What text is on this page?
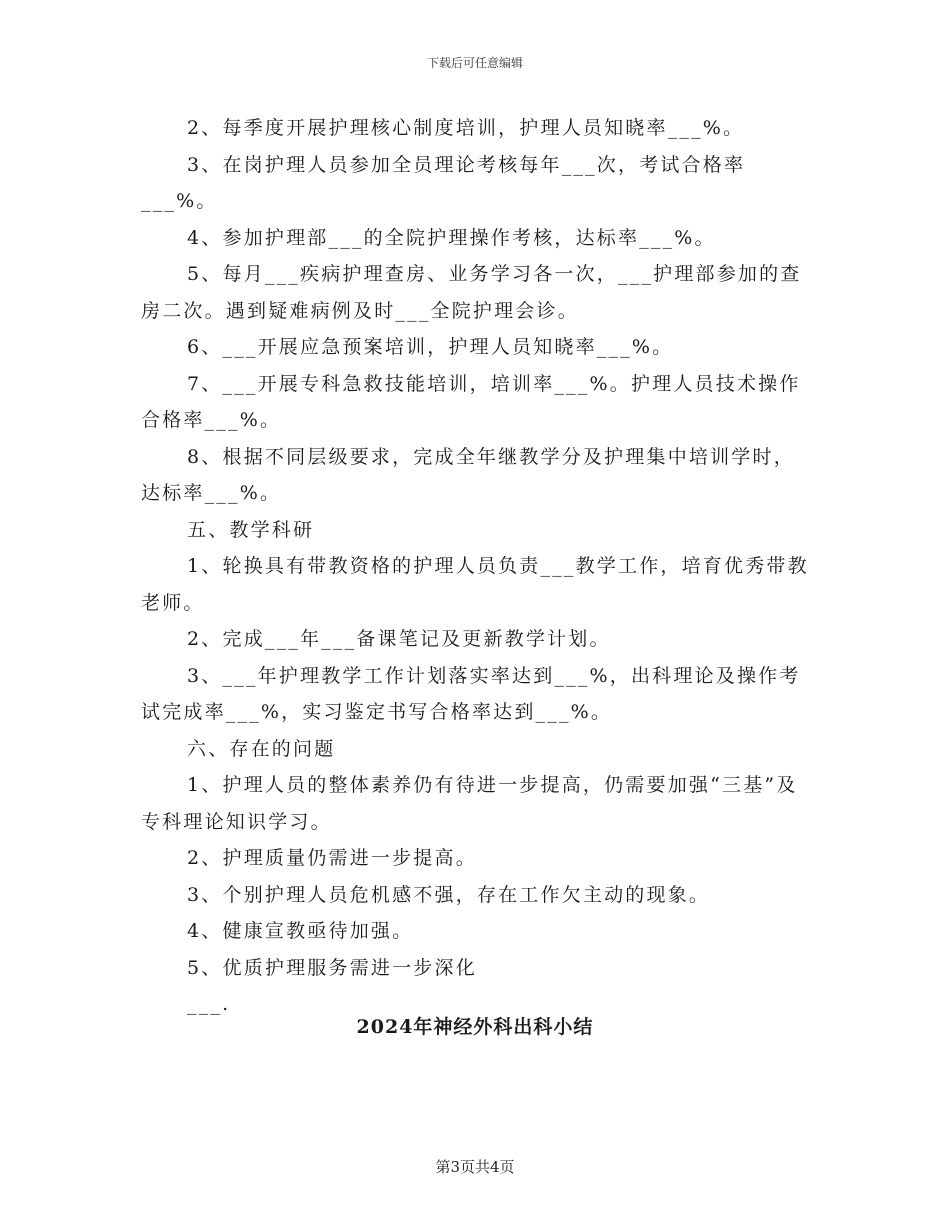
下载后可任意编辑

2、每季度开展护理核心制度培训，护理人员知晓率___%。

3、在岗护理人员参加全员理论考核每年___次，考试合格率___%。

4、参加护理部___的全院护理操作考核，达标率___%。

5、每月___疾病护理查房、业务学习各一次，___护理部参加的查房二次。遇到疑难病例及时___全院护理会诊。

6、___开展应急预案培训，护理人员知晓率___%。

7、___开展专科急救技能培训，培训率___%。护理人员技术操作合格率___%。

8、根据不同层级要求，完成全年继教学分及护理集中培训学时，达标率___%。

五、教学科研

1、轮换具有带教资格的护理人员负责___教学工作，培育优秀带教老师。

2、完成___年___备课笔记及更新教学计划。

3、___年护理教学工作计划落实率达到___%，出科理论及操作考试完成率___%，实习鉴定书写合格率达到___%。

六、存在的问题

1、护理人员的整体素养仍有待进一步提高，仍需要加强“三基”及专科理论知识学习。

2、护理质量仍需进一步提高。

3、个别护理人员危机感不强，存在工作欠主动的现象。

4、健康宣教亟待加强。

5、优质护理服务需进一步深化

___.

2024年神经外科出科小结
第3页共4页
